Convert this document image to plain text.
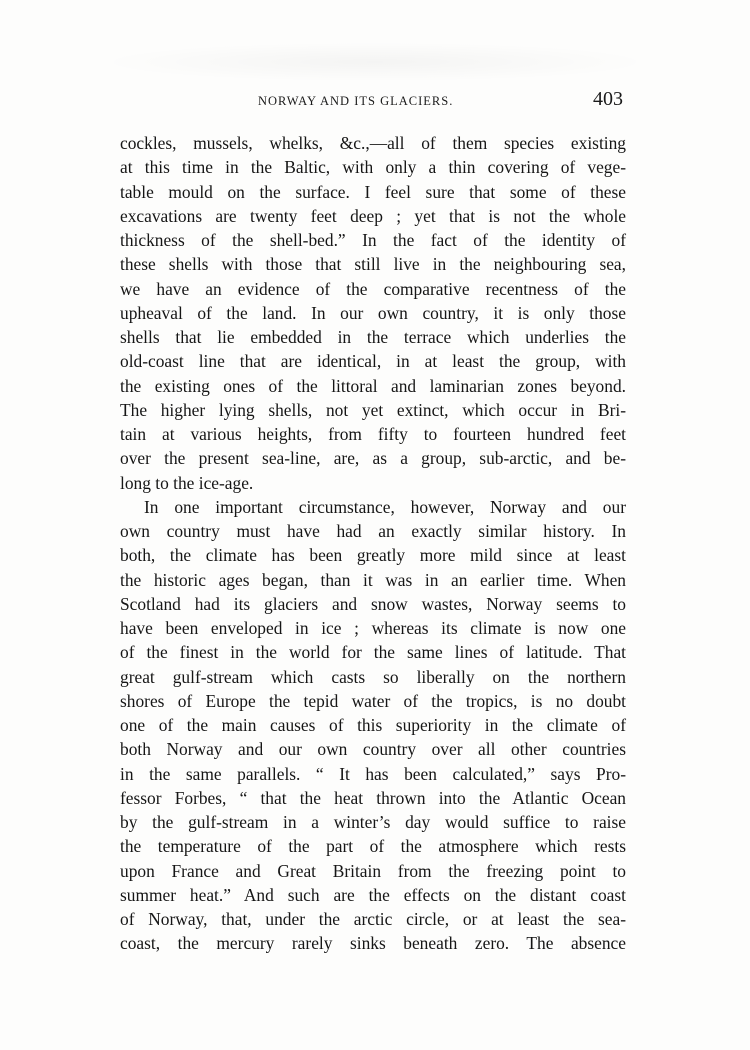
NORWAY AND ITS GLACIERS.	403
cockles, mussels, whelks, &c.,—all of them species existing
at this time in the Baltic, with only a thin covering of vege-
table mould on the surface. I feel sure that some of these
excavations are twenty feet deep ; yet that is not the whole
thickness of the shell-bed.” In the fact of the identity of
these shells with those that still live in the neighbouring sea,
we have an evidence of the comparative recentness of the
upheaval of the land. In our own country, it is only those
shells that lie embedded in the terrace which underlies the
old-coast line that are identical, in at least the group, with
the existing ones of the littoral and laminarian zones beyond.
The higher lying shells, not yet extinct, which occur in Bri-
tain at various heights, from fifty to fourteen hundred feet
over the present sea-line, are, as a group, sub-arctic, and be-
long to the ice-age.
In one important circumstance, however, Norway and our
own country must have had an exactly similar history. In
both, the climate has been greatly more mild since at least
the historic ages began, than it was in an earlier time. When
Scotland had its glaciers and snow wastes, Norway seems to
have been enveloped in ice ; whereas its climate is now one
of the finest in the world for the same lines of latitude. That
great gulf-stream which casts so liberally on the northern
shores of Europe the tepid water of the tropics, is no doubt
one of the main causes of this superiority in the climate of
both Norway and our own country over all other countries
in the same parallels. “ It has been calculated,” says Pro-
fessor Forbes, “ that the heat thrown into the Atlantic Ocean
by the gulf-stream in a winter’s day would suffice to raise
the temperature of the part of the atmosphere which rests
upon France and Great Britain from the freezing point to
summer heat.” And such are the effects on the distant coast
of Norway, that, under the arctic circle, or at least the sea-
coast, the mercury rarely sinks beneath zero. The absence
